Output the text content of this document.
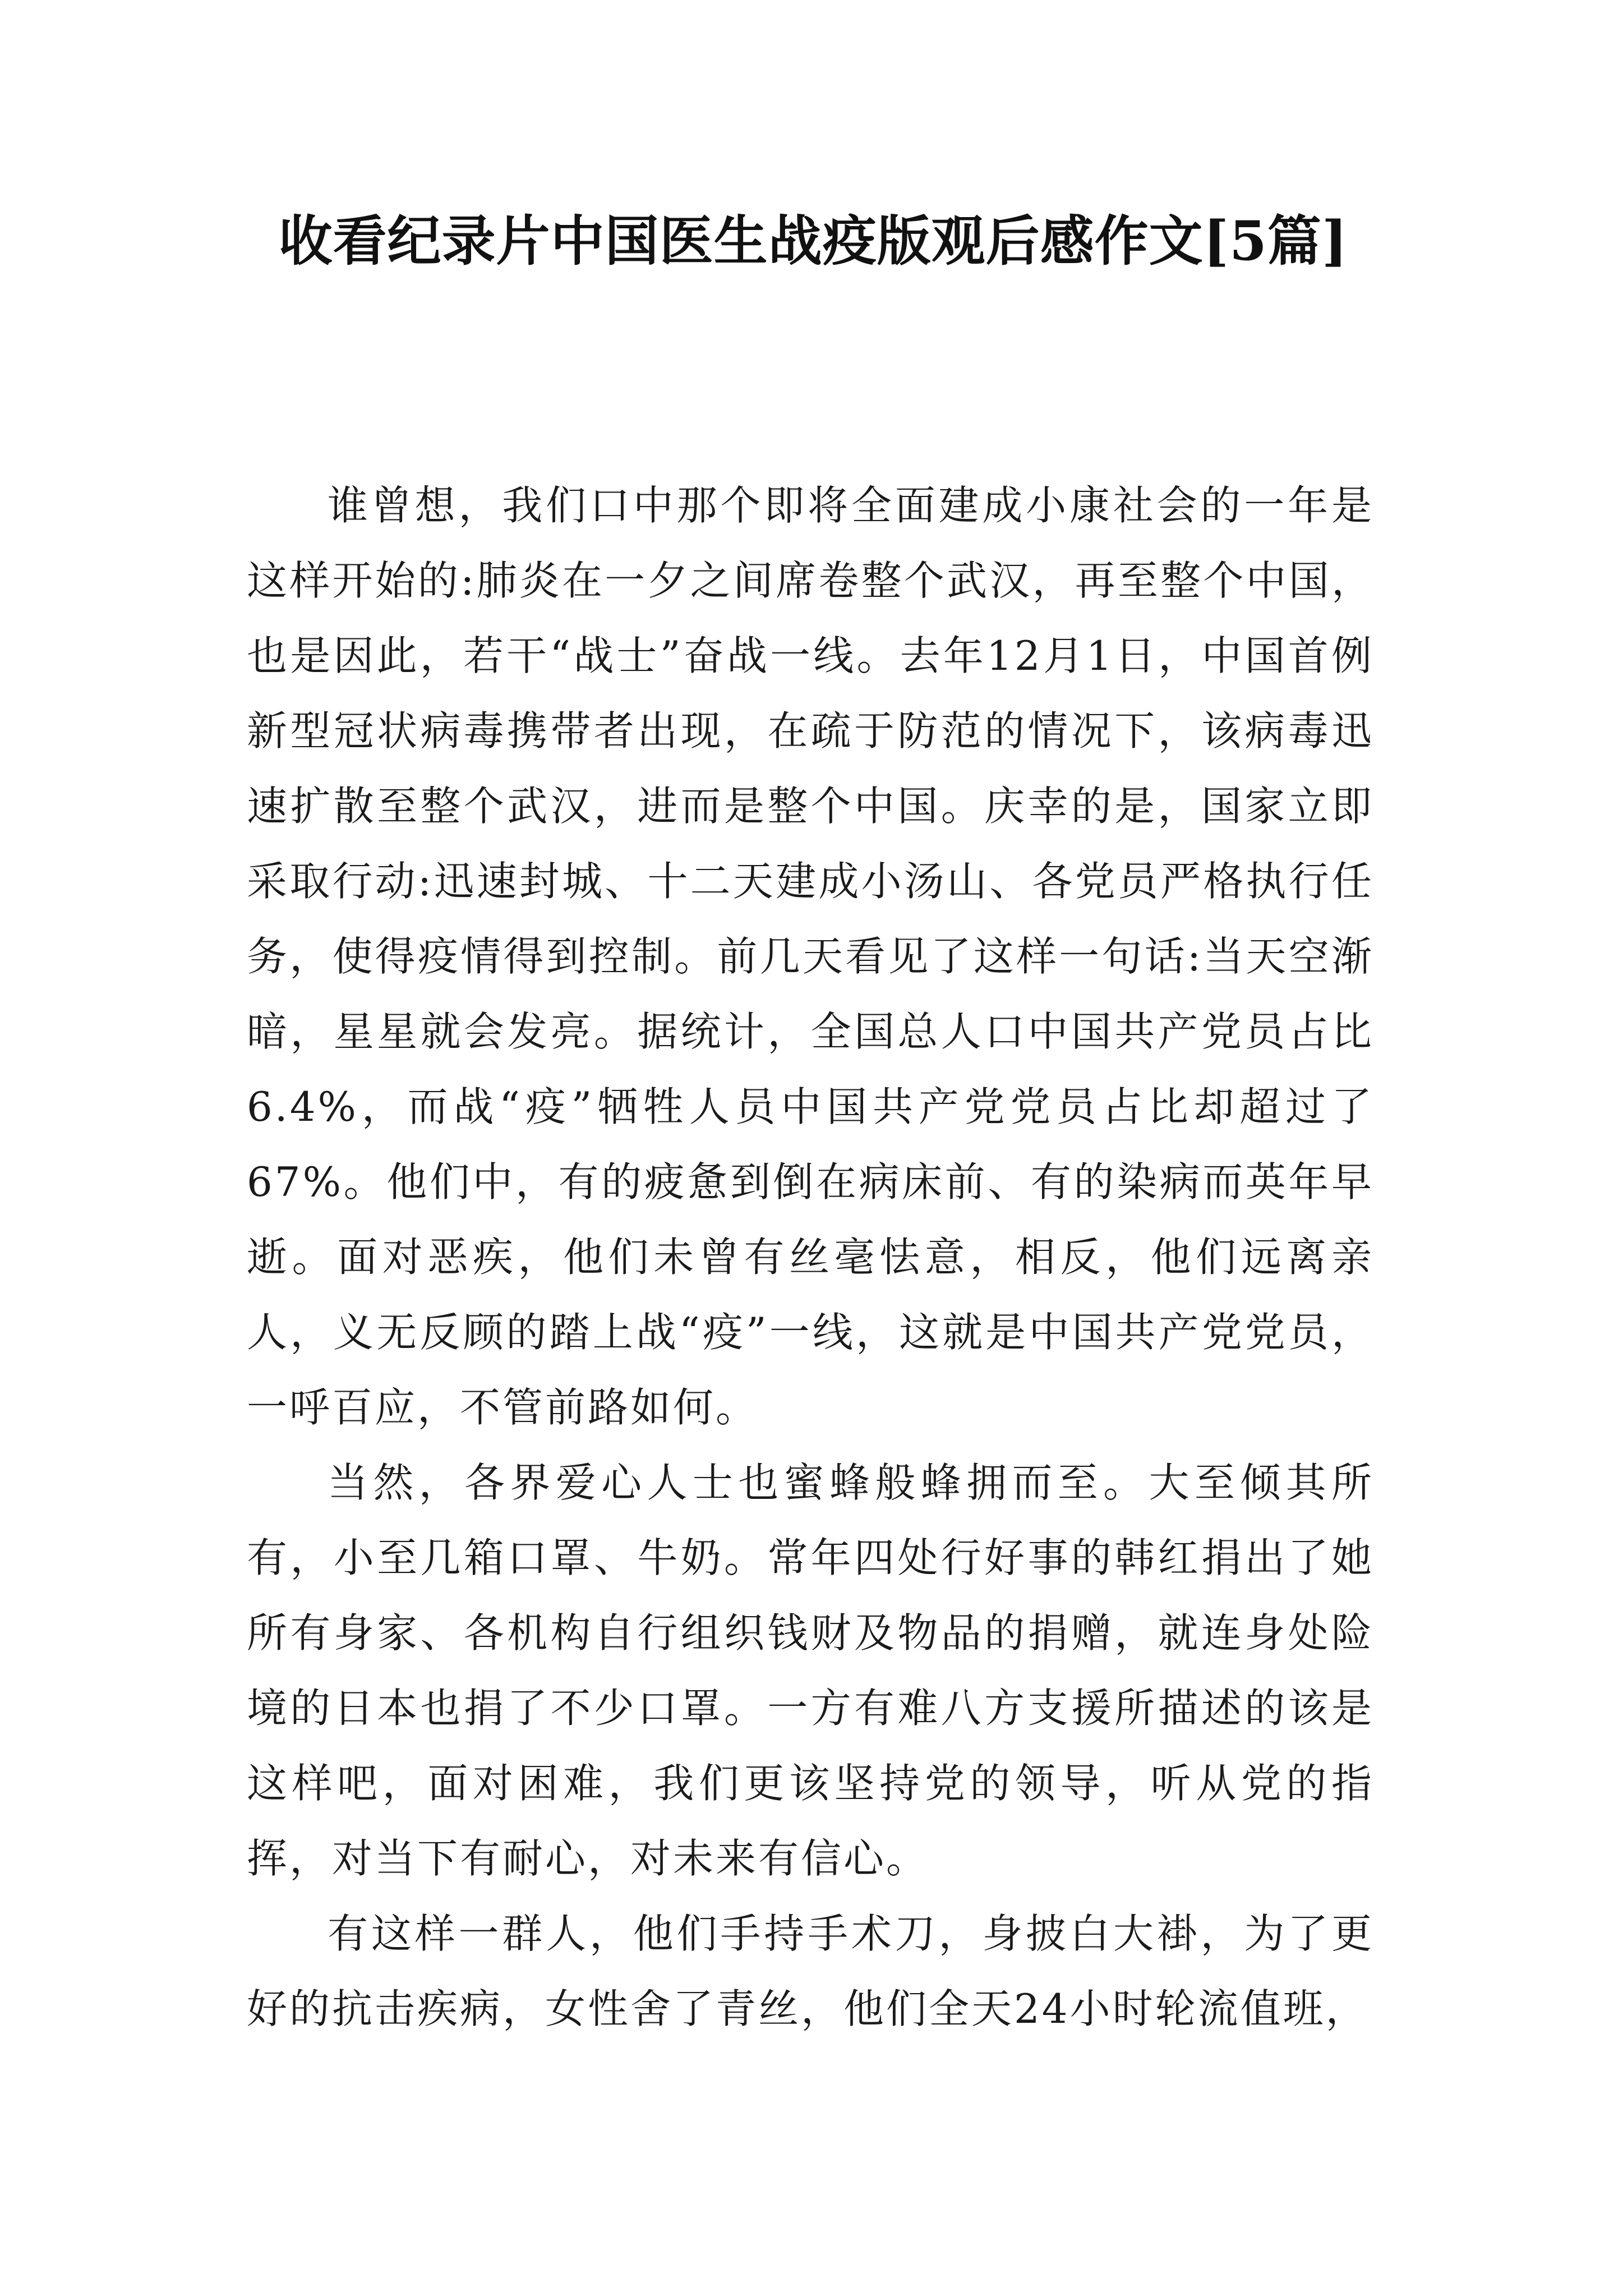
收看纪录片中国医生战疫版观后感作文[5篇]

谁曾想，我们口中那个即将全面建成小康社会的一年是这样开始的:肺炎在一夕之间席卷整个武汉，再至整个中国，也是因此，若干“战士”奋战一线。去年12月1日，中国首例新型冠状病毒携带者出现，在疏于防范的情况下，该病毒迅速扩散至整个武汉，进而是整个中国。庆幸的是，国家立即采取行动:迅速封城、十二天建成小汤山、各党员严格执行任务，使得疫情得到控制。前几天看见了这样一句话:当天空渐暗，星星就会发亮。据统计，全国总人口中国共产党员占比6.4%，而战“疫”牺牲人员中国共产党党员占比却超过了67%。他们中，有的疲惫到倒在病床前、有的染病而英年早逝。面对恶疾，他们未曾有丝毫怯意，相反，他们远离亲人，义无反顾的踏上战“疫”一线，这就是中国共产党党员，一呼百应，不管前路如何。

当然，各界爱心人士也蜜蜂般蜂拥而至。大至倾其所有，小至几箱口罩、牛奶。常年四处行好事的韩红捐出了她所有身家、各机构自行组织钱财及物品的捐赠，就连身处险境的日本也捐了不少口罩。一方有难八方支援所描述的该是这样吧，面对困难，我们更该坚持党的领导，听从党的指挥，对当下有耐心，对未来有信心。

有这样一群人，他们手持手术刀，身披白大褂，为了更好的抗击疾病，女性舍了青丝，他们全天24小时轮流值班，
